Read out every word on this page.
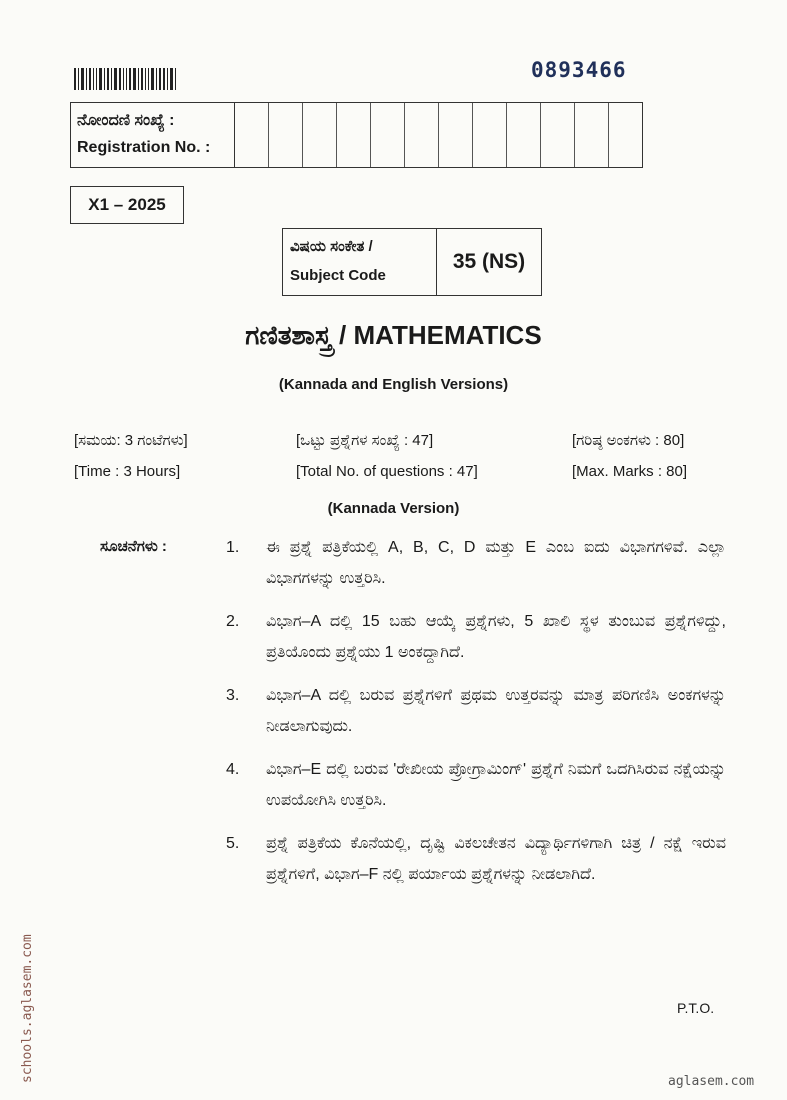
0893466
ನೋಂದಣಿ ಸಂಖ್ಯೆ :
Registration No. :
X1 – 2025
ವಿಷಯ ಸಂಕೇತ /
Subject Code
35 (NS)
ಗಣಿತಶಾಸ್ತ್ರ / MATHEMATICS
(Kannada and English Versions)
[ಸಮಯ: 3 ಗಂಟೆಗಳು]	[ಒಟ್ಟು ಪ್ರಶ್ನೆಗಳ ಸಂಖ್ಯೆ : 47]	[ಗರಿಷ್ಠ ಅಂಕಗಳು : 80]
[Time : 3 Hours]	[Total No. of questions : 47]	[Max. Marks : 80]
(Kannada Version)
ಸೂಚನೆಗಳು :	1.	ಈ ಪ್ರಶ್ನೆ ಪತ್ರಿಕೆಯಲ್ಲಿ A, B, C, D ಮತ್ತು E ಎಂಬ ಐದು ವಿಭಾಗಗಳಿವೆ. ಎಲ್ಲಾ ವಿಭಾಗಗಳನ್ನು ಉತ್ತರಿಸಿ.
2.	ವಿಭಾಗ–A ದಲ್ಲಿ 15 ಬಹು ಆಯ್ಕೆ ಪ್ರಶ್ನೆಗಳು, 5 ಖಾಲಿ ಸ್ಥಳ ತುಂಬುವ ಪ್ರಶ್ನೆಗಳಿದ್ದು, ಪ್ರತಿಯೊಂದು ಪ್ರಶ್ನೆಯು 1 ಅಂಕದ್ದಾಗಿದೆ.
3.	ವಿಭಾಗ–A ದಲ್ಲಿ ಬರುವ ಪ್ರಶ್ನೆಗಳಿಗೆ ಪ್ರಥಮ ಉತ್ತರವನ್ನು ಮಾತ್ರ ಪರಿಗಣಿಸಿ ಅಂಕಗಳನ್ನು ನೀಡಲಾಗುವುದು.
4.	ವಿಭಾಗ–E ದಲ್ಲಿ ಬರುವ 'ರೇಖೀಯ ಪ್ರೋಗ್ರಾಮಿಂಗ್' ಪ್ರಶ್ನೆಗೆ ನಿಮಗೆ ಒದಗಿಸಿರುವ ನಕ್ಷೆಯನ್ನು ಉಪಯೋಗಿಸಿ ಉತ್ತರಿಸಿ.
5.	ಪ್ರಶ್ನೆ ಪತ್ರಿಕೆಯ ಕೊನೆಯಲ್ಲಿ, ದೃಷ್ಟಿ ವಿಕಲಚೇತನ ವಿದ್ಯಾರ್ಥಿಗಳಿಗಾಗಿ ಚಿತ್ರ / ನಕ್ಷೆ ಇರುವ ಪ್ರಶ್ನೆಗಳಿಗೆ, ವಿಭಾಗ–F ನಲ್ಲಿ ಪರ್ಯಾಯ ಪ್ರಶ್ನೆಗಳನ್ನು ನೀಡಲಾಗಿದೆ.
P.T.O.
schools.aglasem.com	aglasem.com
